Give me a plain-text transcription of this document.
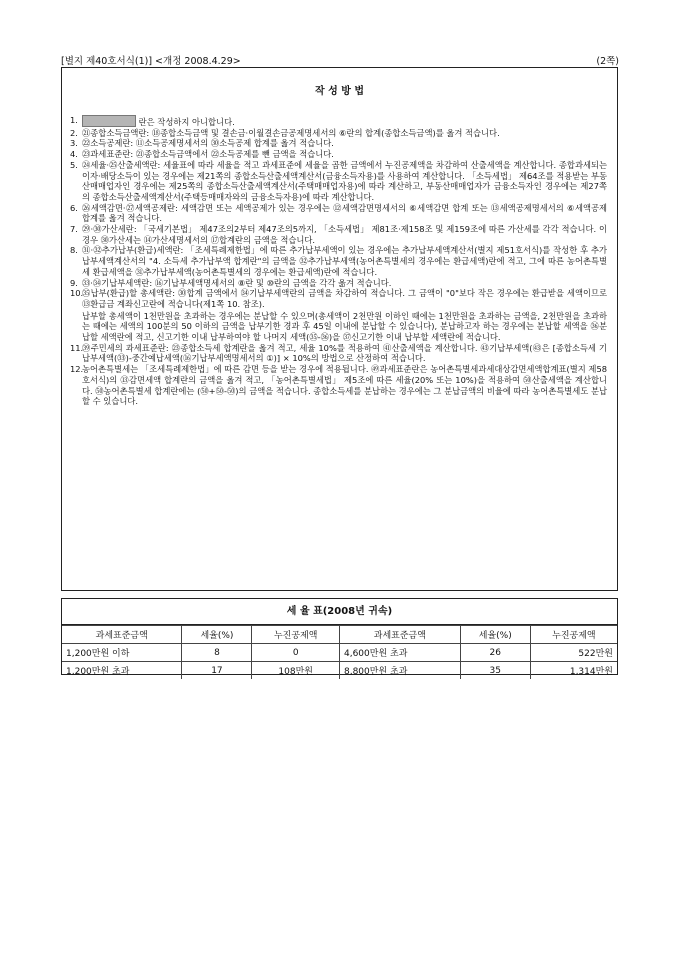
[별지 제40호서식(1)] <개정 2008.4.29>	(2쪽)
작 성 방 법
1.	란은 작성하지 아니합니다.
2. ㉑종합소득금액란: ⑱종합소득금액 및 결손금·이월결손금공제명세서의 ⑥란의 합계(종합소득금액)를 옮겨 적습니다.
3. ㉒소득공제란: ⑪소득공제명세서의 ㉚소득공제 합계를 옮겨 적습니다.
4. ㉓과세표준란: ㉑종합소득금액에서 ㉒소득공제를 뺀 금액을 적습니다.
5. ㉔세율·㉕산출세액란: 세율표에 따라 세율을 적고 과세표준에 세율을 곱한 금액에서 누진공제액을 차감하여 산출세액을 계산합니다. 종합과세되는 이자·배당소득이 있는 경우에는 제21쪽의 종합소득산출세액계산서(금융소득자용)를 사용하여 계산합니다. 「소득세법」 제64조를 적용받는 부동산매매업자인 경우에는 제25쪽의 종합소득산출세액계산서(주택매매업자용)에 따라 계산하고, 부동산매매업자가 금융소득자인 경우에는 제27쪽의 종합소득산출세액계산서(주택등매매자와의 금융소득자용)에 따라 계산합니다.
6. ㉖세액감면·㉗세액공제란: 세액감면 또는 세액공제가 있는 경우에는 ⑫세액감면명세서의 ⑥세액감면 합계 또는 ⑬세액공제명세서의 ⑥세액공제 합계를 옮겨 적습니다.
7. ㉙·㉚가산세란: 「국세기본법」 제47조의2부터 제47조의5까지, 「소득세법」 제81조·제158조 및 제159조에 따른 가산세를 각각 적습니다. 이 경우 ㉚가산세는 ⑭가산세명세서의 ⑰합계란의 금액을 적습니다.
8. ㉛·㉜추가납부(환급)세액란: 「조세특례제한법」에 따른 추가납부세액이 있는 경우에는 추가납부세액계산서(별지 제51호서식)를 작성한 후 추가납부세액계산서의 "4. 소득세 추가납부액 합계란"의 금액을 ㉜추가납부세액(농어촌특별세의 경우에는 환급세액)란에 적고, 그에 따른 농어촌특별세 환급세액을 ㉛추가납부세액(농어촌특별세의 경우에는 환급세액)란에 적습니다.
9. ㉝·㉞기납부세액란: ⑯기납부세액명세서의 ⑧란 및 ⑩란의 금액을 각각 옮겨 적습니다.
10.
㉟납부(환급)할 총세액란: ㉚합계 금액에서 ㉞기납부세액란의 금액을 차감하여 적습니다. 그 금액이 "0"보다 작은 경우에는 환급받을 세액이므로 ⑬환급금 계좌신고란에 적습니다(제1쪽 10. 참조).
납부할 총세액이 1천만원을 초과하는 경우에는 분납할 수 있으며(총세액이 2천만원 이하인 때에는 1천만원을 초과하는 금액을, 2천만원을 초과하는 때에는 세액의 100분의 50 이하의 금액을 납부기한 경과 후 45일 이내에 분납할 수 있습니다), 분납하고자 하는 경우에는 분납할 세액을 ㊱분납할 세액란에 적고, 신고기한 이내 납부하여야 할 나머지 세액(㉟-㊱)을 ㊲신고기한 이내 납부할 세액란에 적습니다.
11.
㊴주민세의 과세표준란: ㉓종합소득세 합계란을 옮겨 적고, 세율 10%를 적용하여 ㊶산출세액을 계산합니다. ㊸기납부세액(㊸은 [종합소득세 기납부세액(㉝)-중간예납세액(⑯기납부세액명세서의 ①)] × 10%의 방법으로 산정하여 적습니다.
12.
농어촌특별세는 「조세특례제한법」에 따른 감면 등을 받는 경우에 적용됩니다. ㊾과세표준란은 농어촌특별세과세대상감면세액합계표(별지 제58호서식)의 ⑬감면세액 합계란의 금액을 옮겨 적고, 「농어촌특별세법」 제5조에 따른 세율(20% 또는 10%)을 적용하여 ㊿산출세액을 계산합니다. ㊿농어촌특별세 합계란에는 (㊿+㊿-㊿)의 금액을 적습니다. 종합소득세를 분납하는 경우에는 그 분납금액의 비율에 따라 농어촌특별세도 분납할 수 있습니다.
세 율 표(2008년 귀속)
과세표준금액	세율(%)	누진공제액	과세표준금액	세율(%)	누진공제액
1,200만원 이하	8	0	4,600만원 초과	26	522만원
1,200만원 초과	17	108만원	8,800만원 초과	35	1,314만원
